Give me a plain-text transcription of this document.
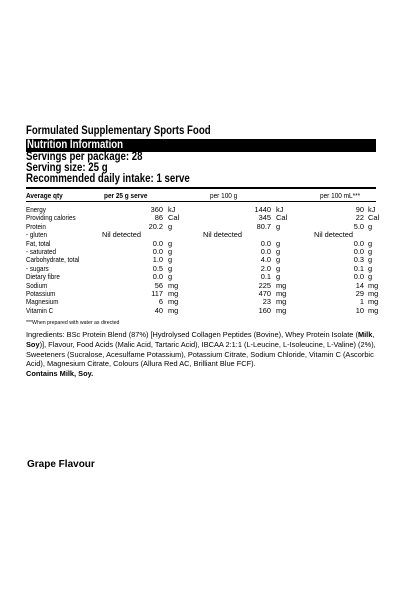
Formulated Supplementary Sports Food
Nutrition Information
Servings per package: 28
Serving size: 25 g
Recommended daily intake: 1 serve
Average qty	per 25 g serve	per 100 g	per 100 mL***
Energy	360 kJ	1440 kJ	90 kJ
Providing calories	86 Cal	345 Cal	22 Cal
Protein	20.2 g	80.7 g	5.0 g
- gluten	Nil detected	Nil detected	Nil detected
Fat, total	0.0 g	0.0 g	0.0 g
- saturated	0.0 g	0.0 g	0.0 g
Carbohydrate, total	1.0 g	4.0 g	0.3 g
- sugars	0.5 g	2.0 g	0.1 g
Dietary fibre	0.0 g	0.1 g	0.0 g
Sodium	56 mg	225 mg	14 mg
Potassium	117 mg	470 mg	29 mg
Magnesium	6 mg	23 mg	1 mg
Vitamin C	40 mg	160 mg	10 mg
***When prepared with water as directed
Ingredients: BSc Protein Blend (87%) [Hydrolysed Collagen Peptides (Bovine), Whey Protein Isolate (Milk, Soy)], Flavour, Food Acids (Malic Acid, Tartaric Acid), IBCAA 2:1:1 (L-Leucine, L-Isoleucine, L-Valine) (2%), Sweeteners (Sucralose, Acesulfame Potassium), Potassium Citrate, Sodium Chloride, Vitamin C (Ascorbic Acid), Magnesium Citrate, Colours (Allura Red AC, Brilliant Blue FCF).
Contains Milk, Soy.
Grape Flavour
